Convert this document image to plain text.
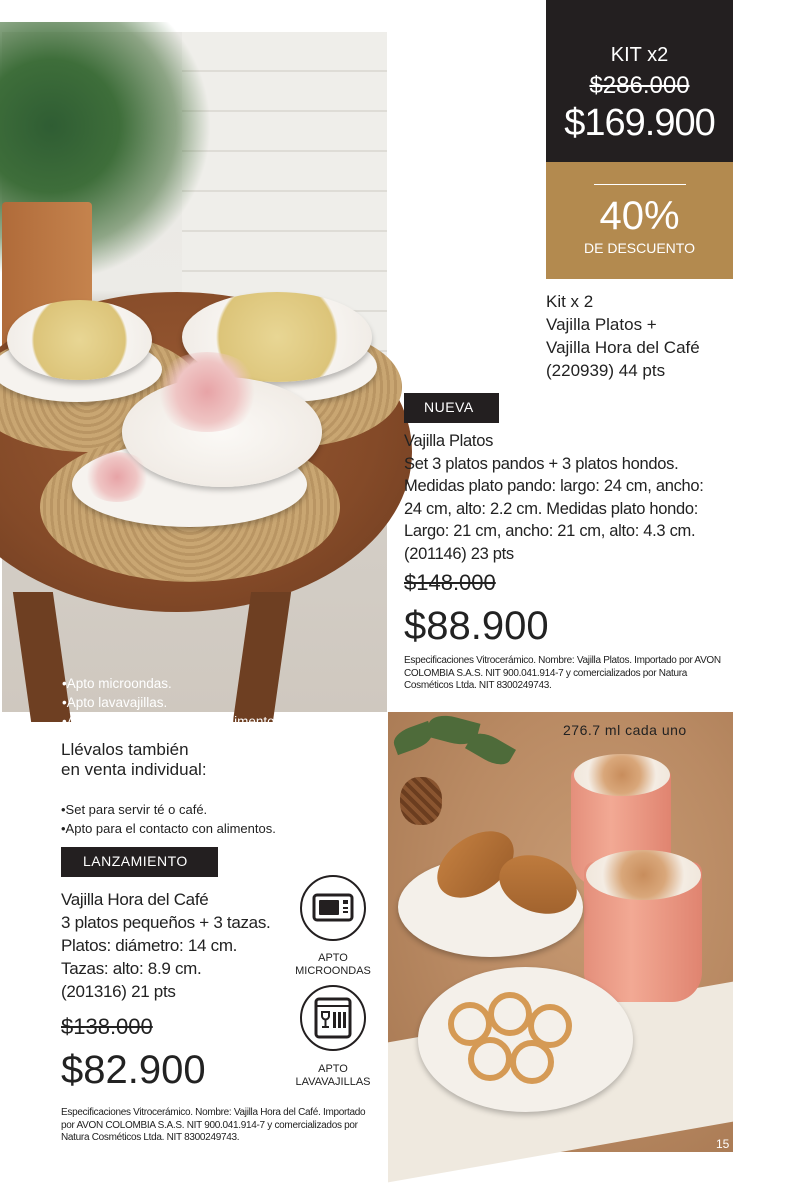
•Apto microondas.
•Apto lavavajillas.
•Apto para el contacto con alimentos.
KIT x2
$286.000
$169.900
40%
DE DESCUENTO
Kit x 2
Vajilla Platos +
Vajilla Hora del Café
(220939) 44 pts
NUEVA
Vajilla Platos
Set 3 platos pandos + 3 platos hondos.
Medidas plato pando: largo: 24 cm, ancho:
24 cm, alto: 2.2 cm. Medidas plato hondo:
Largo: 21 cm, ancho: 21 cm, alto: 4.3 cm.
(201146) 23 pts
$148.000
$88.900
Especificaciones Vitrocerámico. Nombre: Vajilla Platos. Importado por AVON COLOMBIA S.A.S. NIT 900.041.914-7 y comercializados por Natura Cosméticos Ltda. NIT 8300249743.
Llévalos también
en venta individual:
•Set para servir té o café.
•Apto para el contacto con alimentos.
LANZAMIENTO
Vajilla Hora del Café
3 platos pequeños + 3 tazas.
Platos: diámetro: 14 cm.
Tazas: alto: 8.9 cm.
(201316) 21 pts
$138.000
$82.900
Especificaciones Vitrocerámico. Nombre: Vajilla Hora del Café. Importado por AVON COLOMBIA S.A.S. NIT 900.041.914-7 y comercializados por Natura Cosméticos Ltda. NIT 8300249743.
APTO
MICROONDAS
APTO
LAVAVAJILLAS
276.7 ml cada uno
15
